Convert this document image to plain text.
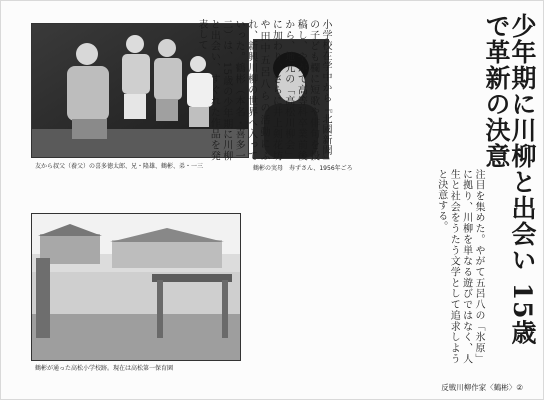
友から叔父（養父）の喜多徳太郎、兄・隆雄、鶴彬、弟・一三	鶴彬の実母　寿ずさん、1956年ごろ
鶴彬が通った高松小学校跡。現在は高松第一保育園
少年期に川柳と出会い 15歳で革新の決意
小学校在学中から『北國新聞』の子ども欄に短歌や俳句を投稿し、やがて高等科卒業前後から、地元の「高松川柳会」に加わり、さらに井上剣花坊や田中五呂八らの活動にふれ、新興川柳の世界へ入っていった。鶴彬（本名・喜多一二）は、15歳の少年期に川柳と出会い、すぐれた作品を発表して
注目を集めた。やがて五呂八の「氷原」に拠り、川柳を単なる遊びではなく、人生と社会をうたう文学として追求しようと決意する。
反戦川柳作家〈鶴彬〉②
